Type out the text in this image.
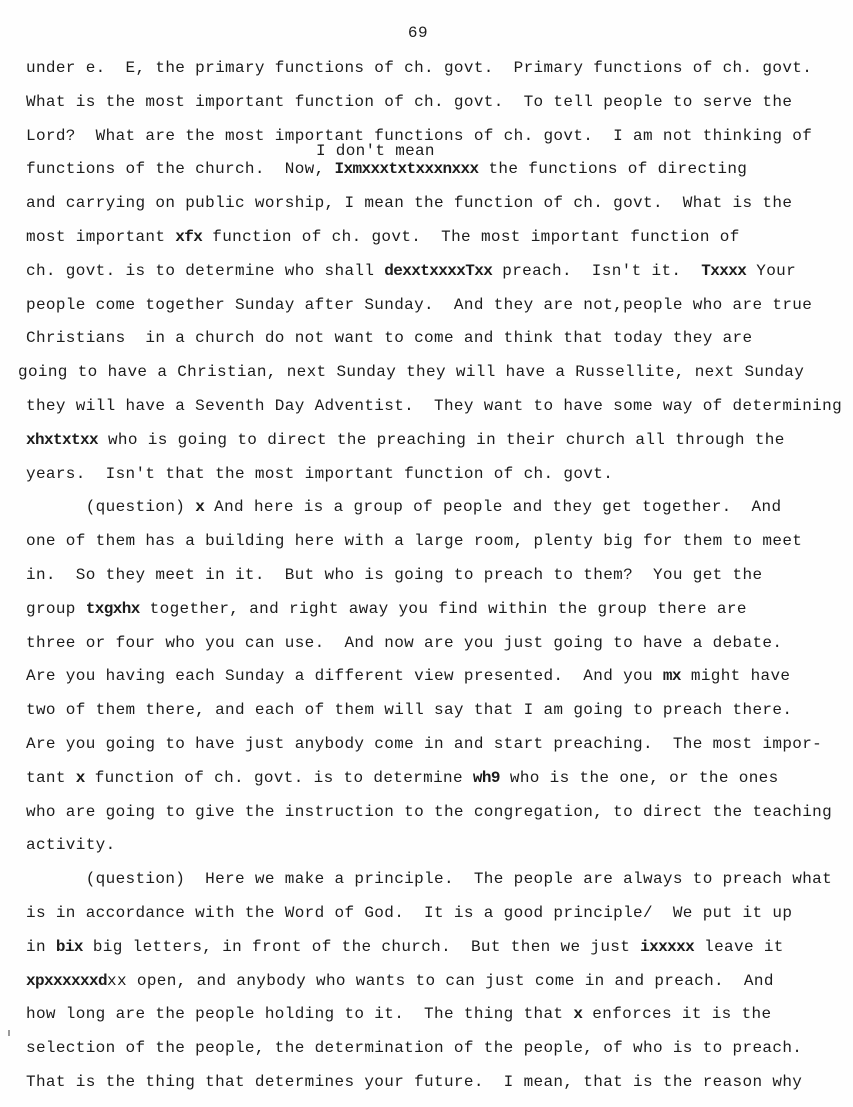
69
I don't mean
under e.  E, the primary functions of ch. govt.  Primary functions of ch. govt.
What is the most important function of ch. govt.  To tell people to serve the
Lord?  What are the most important functions of ch. govt.  I am not thinking of
functions of the church.  Now, Ixmxxxtxtxxxnxxx the functions of directing
and carrying on public worship, I mean the function of ch. govt.  What is the
most important xfx function of ch. govt.  The most important function of
ch. govt. is to determine who shall dexxtxxxxTxx preach.  Isn't it.  Txxxx Your
people come together Sunday after Sunday.  And they are not,people who are true
Christians  in a church do not want to come and think that today they are
going to have a Christian, next Sunday they will have a Russellite, next Sunday
they will have a Seventh Day Adventist.  They want to have some way of determining
xhxtxtxx who is going to direct the preaching in their church all through the
years.  Isn't that the most important function of ch. govt.
(question) x And here is a group of people and they get together.  And
one of them has a building here with a large room, plenty big for them to meet
in.  So they meet in it.  But who is going to preach to them?  You get the
group txgxhx together, and right away you find within the group there are
three or four who you can use.  And now are you just going to have a debate.
Are you having each Sunday a different view presented.  And you mx might have
two of them there, and each of them will say that I am going to preach there.
Are you going to have just anybody come in and start preaching.  The most impor-
tant x function of ch. govt. is to determine wh9 who is the one, or the ones
who are going to give the instruction to the congregation, to direct the teaching
activity.
(question)  Here we make a principle.  The people are always to preach what
is in accordance with the Word of God.  It is a good principle/  We put it up
in bix big letters, in front of the church.  But then we just ixxxxx leave it
xpxxxxxxdxx open, and anybody who wants to can just come in and preach.  And
how long are the people holding to it.  The thing that x enforces it is the
selection of the people, the determination of the people, of who is to preach.
That is the thing that determines your future.  I mean, that is the reason why
